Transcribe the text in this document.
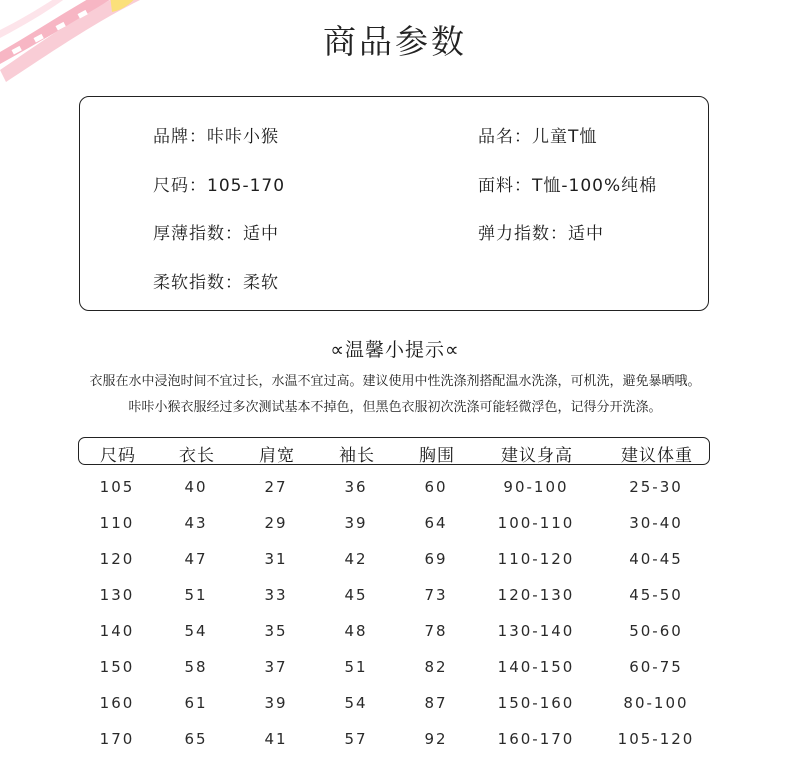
商品参数
品牌：咔咔小猴	品名：儿童T恤
尺码：105-170	面料：T恤-100%纯棉
厚薄指数：适中	弹力指数：适中
柔软指数：柔软
∝温馨小提示∝
衣服在水中浸泡时间不宜过长，水温不宜过高。建议使用中性洗涤剂搭配温水洗涤，可机洗，避免暴晒哦。
咔咔小猴衣服经过多次测试基本不掉色，但黑色衣服初次洗涤可能轻微浮色，记得分开洗涤。
尺码	衣长	肩宽	袖长	胸围	建议身高	建议体重
105	40	27	36	60	90-100	25-30
110	43	29	39	64	100-110	30-40
120	47	31	42	69	110-120	40-45
130	51	33	45	73	120-130	45-50
140	54	35	48	78	130-140	50-60
150	58	37	51	82	140-150	60-75
160	61	39	54	87	150-160	80-100
170	65	41	57	92	160-170	105-120
